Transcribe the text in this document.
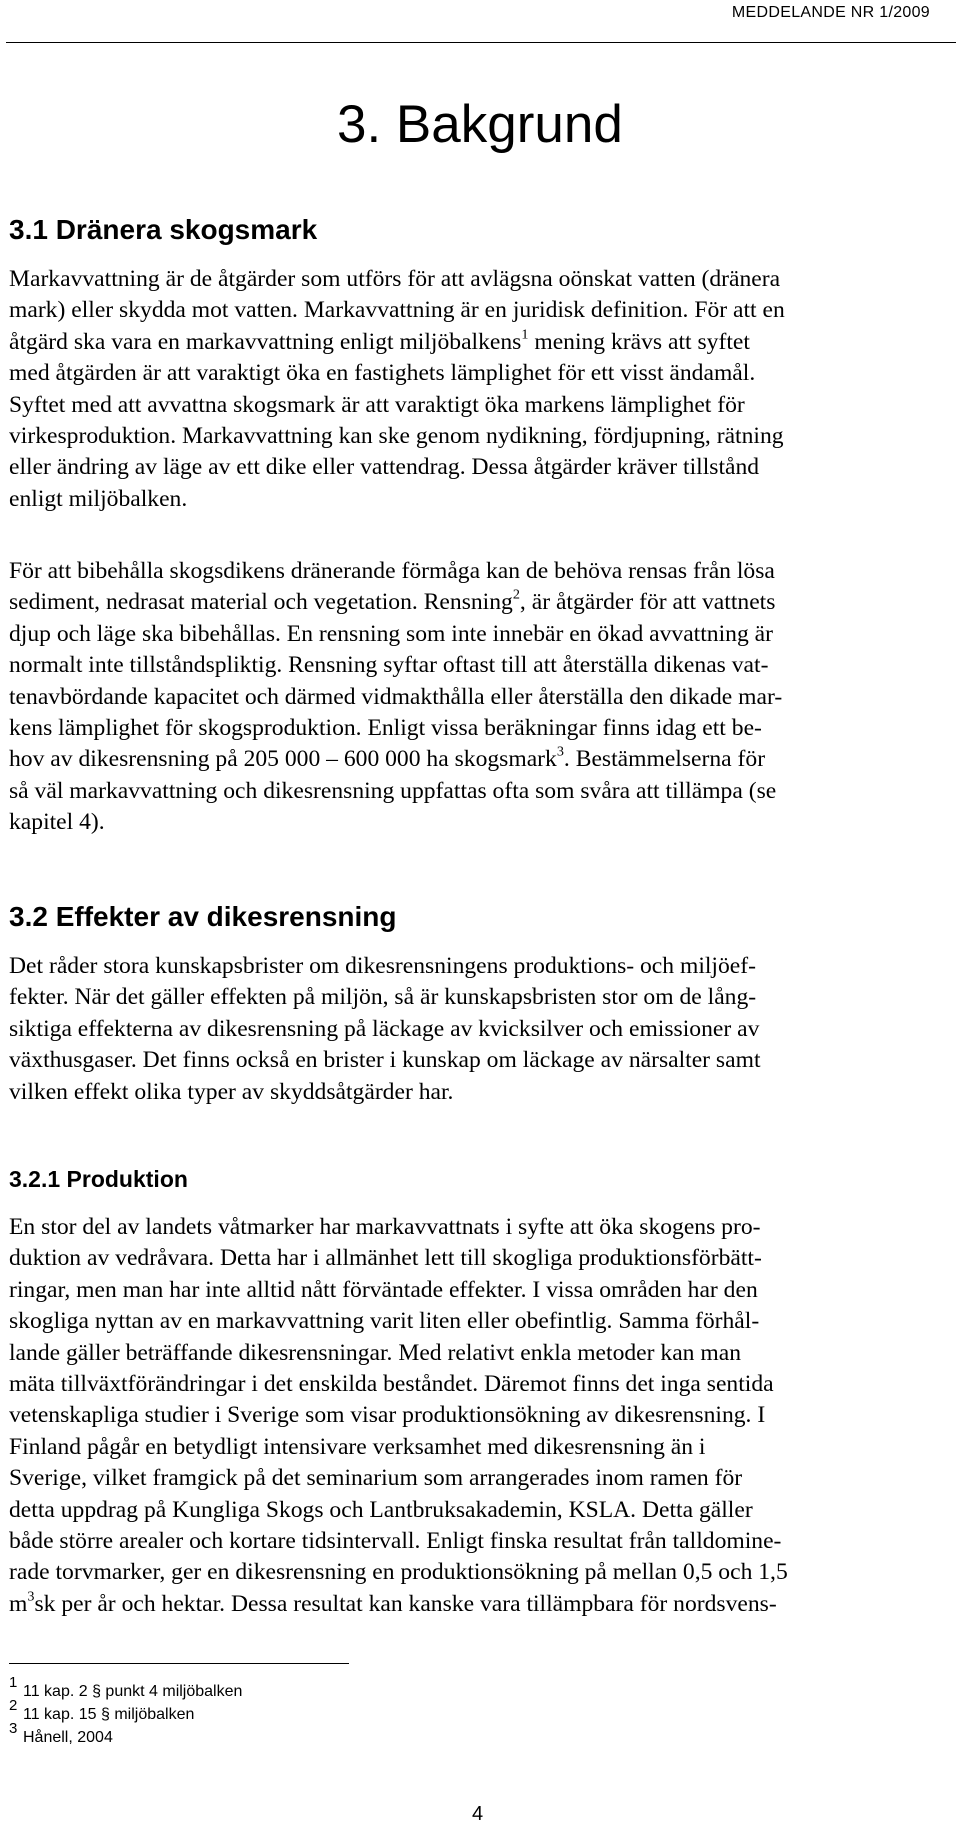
MEDDELANDE NR 1/2009
3. Bakgrund
3.1 Dränera skogsmark
Markavvattning är de åtgärder som utförs för att avlägsna oönskat vatten (dränera
mark) eller skydda mot vatten. Markavvattning är en juridisk definition. För att en
åtgärd ska vara en markavvattning enligt miljöbalkens$^1$ mening krävs att syftet
med åtgärden är att varaktigt öka en fastighets lämplighet för ett visst ändamål.
Syftet med att avvattna skogsmark är att varaktigt öka markens lämplighet för
virkesproduktion. Markavvattning kan ske genom nydikning, fördjupning, rätning
eller ändring av läge av ett dike eller vattendrag. Dessa åtgärder kräver tillstånd
enligt miljöbalken.
För att bibehålla skogsdikens dränerande förmåga kan de behöva rensas från lösa
sediment, nedrasat material och vegetation. Rensning$^2$, är åtgärder för att vattnets
djup och läge ska bibehållas. En rensning som inte innebär en ökad avvattning är
normalt inte tillståndspliktig. Rensning syftar oftast till att återställa dikenas vat-
tenavbördande kapacitet och därmed vidmakthålla eller återställa den dikade mar-
kens lämplighet för skogsproduktion. Enligt vissa beräkningar finns idag ett be-
hov av dikesrensning på 205 000 – 600 000 ha skogsmark$^3$. Bestämmelserna för
så väl markavvattning och dikesrensning uppfattas ofta som svåra att tillämpa (se
kapitel 4).
3.2 Effekter av dikesrensning
Det råder stora kunskapsbrister om dikesrensningens produktions- och miljöef-
fekter. När det gäller effekten på miljön, så är kunskapsbristen stor om de lång-
siktiga effekterna av dikesrensning på läckage av kvicksilver och emissioner av
växthusgaser. Det finns också en brister i kunskap om läckage av närsalter samt
vilken effekt olika typer av skyddsåtgärder har.
3.2.1 Produktion
En stor del av landets våtmarker har markavvattnats i syfte att öka skogens pro-
duktion av vedråvara. Detta har i allmänhet lett till skogliga produktionsförbätt-
ringar, men man har inte alltid nått förväntade effekter. I vissa områden har den
skogliga nyttan av en markavvattning varit liten eller obefintlig. Samma förhål-
lande gäller beträffande dikesrensningar. Med relativt enkla metoder kan man
mäta tillväxtförändringar i det enskilda beståndet. Däremot finns det inga sentida
vetenskapliga studier i Sverige som visar produktionsökning av dikesrensning. I
Finland pågår en betydligt intensivare verksamhet med dikesrensning än i
Sverige, vilket framgick på det seminarium som arrangerades inom ramen för
detta uppdrag på Kungliga Skogs och Lantbruksakademin, KSLA. Detta gäller
både större arealer och kortare tidsintervall. Enligt finska resultat från talldomine-
rade torvmarker, ger en dikesrensning en produktionsökning på mellan 0,5 och 1,5
$m^3sk$ per år och hektar. Dessa resultat kan kanske vara tillämpbara för nordsvens-
1
11 kap. 2 § punkt 4 miljöbalken
2
11 kap. 15 § miljöbalken
3
Hånell, 2004
4
